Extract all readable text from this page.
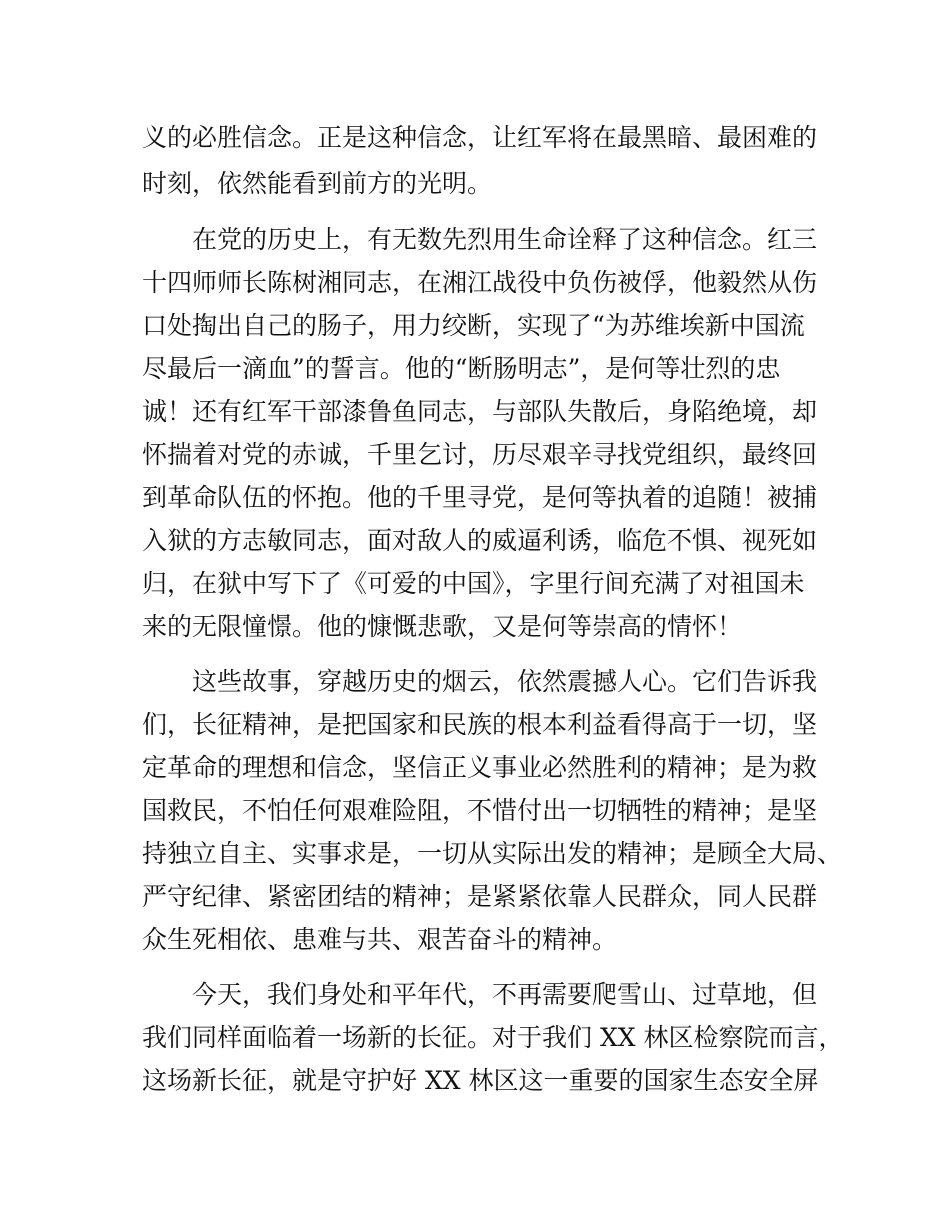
义的必胜信念。正是这种信念，让红军将在最黑暗、最困难的
时刻，依然能看到前方的光明。
　　在党的历史上，有无数先烈用生命诠释了这种信念。红三
十四师师长陈树湘同志，在湘江战役中负伤被俘，他毅然从伤
口处掏出自己的肠子，用力绞断，实现了“为苏维埃新中国流
尽最后一滴血”的誓言。他的“断肠明志”，是何等壮烈的忠
诚！还有红军干部漆鲁鱼同志，与部队失散后，身陷绝境，却
怀揣着对党的赤诚，千里乞讨，历尽艰辛寻找党组织，最终回
到革命队伍的怀抱。他的千里寻党，是何等执着的追随！被捕
入狱的方志敏同志，面对敌人的威逼利诱，临危不惧、视死如
归，在狱中写下了《可爱的中国》，字里行间充满了对祖国未
来的无限憧憬。他的慷慨悲歌，又是何等崇高的情怀！
　　这些故事，穿越历史的烟云，依然震撼人心。它们告诉我
们，长征精神，是把国家和民族的根本利益看得高于一切，坚
定革命的理想和信念，坚信正义事业必然胜利的精神；是为救
国救民，不怕任何艰难险阻，不惜付出一切牺牲的精神；是坚
持独立自主、实事求是，一切从实际出发的精神；是顾全大局、
严守纪律、紧密团结的精神；是紧紧依靠人民群众，同人民群
众生死相依、患难与共、艰苦奋斗的精神。
　　今天，我们身处和平年代，不再需要爬雪山、过草地，但
我们同样面临着一场新的长征。对于我们 XX 林区检察院而言，
这场新长征，就是守护好 XX 林区这一重要的国家生态安全屏
